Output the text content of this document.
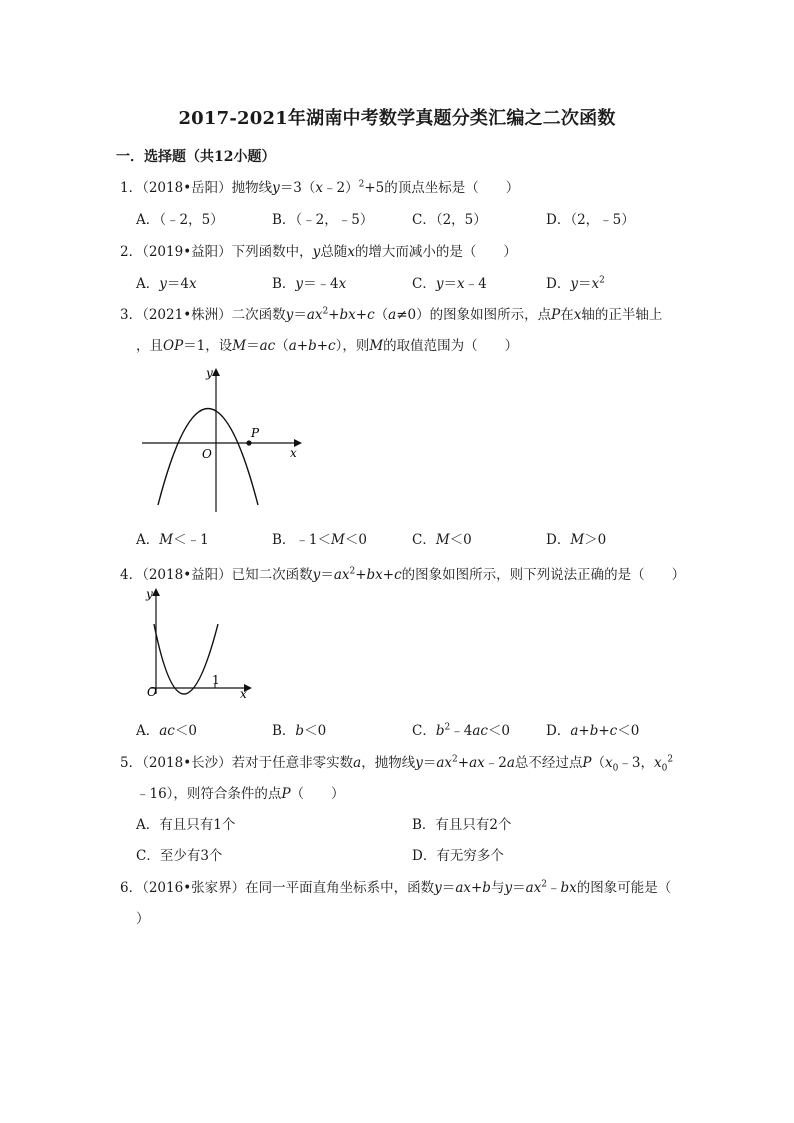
2017-2021年湖南中考数学真题分类汇编之二次函数
一．选择题（共12小题）
1．（2018•岳阳）抛物线y＝3（x﹣2）$^2$+5的顶点坐标是（　　）
A．（﹣2，5）	B．（﹣2，﹣5）	C．（2，5）	D．（2，﹣5）
2．（2019•益阳）下列函数中，y总随x的增大而减小的是（　　）
A．y＝4x	B．y＝﹣4x	C．y＝x﹣4	D．$y=x^2$
3．（2021•株洲）二次函数$y=ax^2+bx+c(a\ne 0)$的图象如图所示，点P在x轴的正半轴上
，且OP＝1，设M＝ac（a+b+c），则M的取值范围为（　　）
y
x
O
P
A．M＜﹣1	B．﹣1＜M＜0	C．M＜0	D．M＞0
4．（2018•益阳）已知二次函数$y=ax^2+bx+c$的图象如图所示，则下列说法正确的是（　　）
y
x
O
1
A．ac＜0	B．b＜0	C．$b^2﹣4ac<0$	D．a+b+c＜0
5．（2018•长沙）若对于任意非零实数a，抛物线$y=ax^2+ax﹣2a$总不经过点$P(x_0﹣3$，$x_0^2$
﹣16），则符合条件的点P（　　）
A．有且只有1个	B．有且只有2个
C．至少有3个	D．有无穷多个
6．（2016•张家界）在同一平面直角坐标系中，函数y＝ax+b与$y=ax^2﹣bx$的图象可能是（
）
